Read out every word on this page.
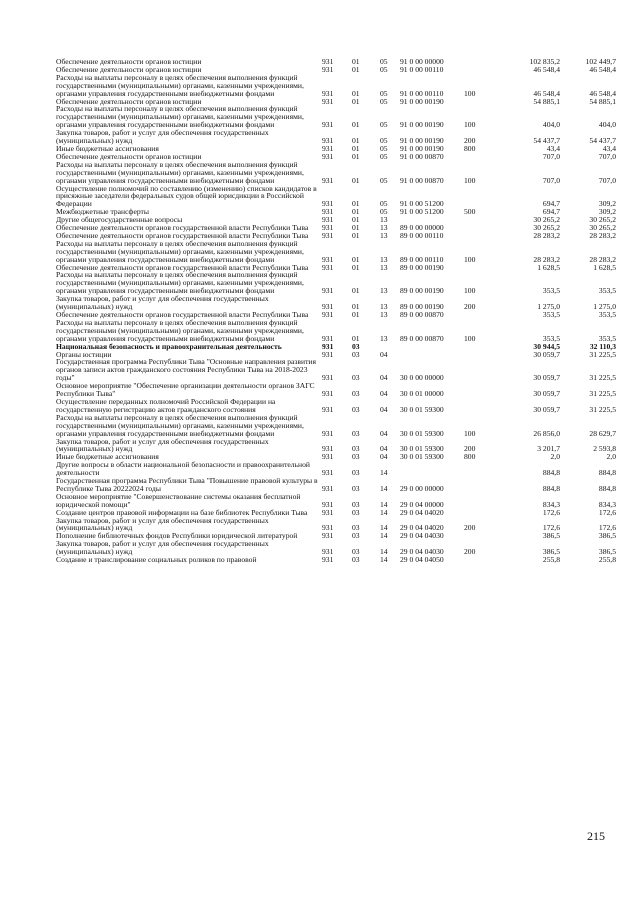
Обеспечение деятельности органов юстиции	931	01	05	91 0 00 00000		102 835,2	102 449,7
Обеспечение деятельности органов юстиции	931	01	05	91 0 00 00110		46 548,4	46 548,4
Расходы на выплаты персоналу в целях обеспечения выполнения функций государственными (муниципальными) органами, казенными учреждениями, органами управления государственными внебюджетными фондами	931	01	05	91 0 00 00110	100	46 548,4	46 548,4
Обеспечение деятельности органов юстиции	931	01	05	91 0 00 00190		54 885,1	54 885,1
Расходы на выплаты персоналу в целях обеспечения выполнения функций государственными (муниципальными) органами, казенными учреждениями, органами управления государственными внебюджетными фондами	931	01	05	91 0 00 00190	100	404,0	404,0
Закупка товаров, работ и услуг для обеспечения государственных (муниципальных) нужд	931	01	05	91 0 00 00190	200	54 437,7	54 437,7
Иные бюджетные ассигнования	931	01	05	91 0 00 00190	800	43,4	43,4
Обеспечение деятельности органов юстиции	931	01	05	91 0 00 00870		707,0	707,0
Расходы на выплаты персоналу в целях обеспечения выполнения функций государственными (муниципальными) органами, казенными учреждениями, органами управления государственными внебюджетными фондами	931	01	05	91 0 00 00870	100	707,0	707,0
Осуществление полномочий по составлению (изменению) списков кандидатов в присяжные заседатели федеральных судов общей юрисдикции в Российской Федерации	931	01	05	91 0 00 51200		694,7	309,2
Межбюджетные трансферты	931	01	05	91 0 00 51200	500	694,7	309,2
Другие общегосударственные вопросы	931	01	13			30 265,2	30 265,2
Обеспечение деятельности органов государственной власти Республики Тыва	931	01	13	89 0 00 00000		30 265,2	30 265,2
Обеспечение деятельности органов государственной власти Республики Тыва	931	01	13	89 0 00 00110		28 283,2	28 283,2
Расходы на выплаты персоналу в целях обеспечения выполнения функций государственными (муниципальными) органами, казенными учреждениями, органами управления государственными внебюджетными фондами	931	01	13	89 0 00 00110	100	28 283,2	28 283,2
Обеспечение деятельности органов государственной власти Республики Тыва	931	01	13	89 0 00 00190		1 628,5	1 628,5
Расходы на выплаты персоналу в целях обеспечения выполнения функций государственными (муниципальными) органами, казенными учреждениями, органами управления государственными внебюджетными фондами	931	01	13	89 0 00 00190	100	353,5	353,5
Закупка товаров, работ и услуг для обеспечения государственных (муниципальных) нужд	931	01	13	89 0 00 00190	200	1 275,0	1 275,0
Обеспечение деятельности органов государственной власти Республики Тыва	931	01	13	89 0 00 00870		353,5	353,5
Расходы на выплаты персоналу в целях обеспечения выполнения функций государственными (муниципальными) органами, казенными учреждениями, органами управления государственными внебюджетными фондами	931	01	13	89 0 00 00870	100	353,5	353,5
Национальная безопасность и правоохранительная деятельность	931	03				30 944,5	32 110,3
Органы юстиции	931	03	04			30 059,7	31 225,5
Государственная программа Республики Тыва "Основные направления развития органов записи актов гражданского состояния Республики Тыва на 2018-2023 годы"	931	03	04	30 0 00 00000		30 059,7	31 225,5
Основное мероприятие "Обеспечение организации деятельности органов ЗАГС Республики Тыва"	931	03	04	30 0 01 00000		30 059,7	31 225,5
Осуществление переданных полномочий Российской Федерации на государственную регистрацию актов гражданского состояния	931	03	04	30 0 01 59300		30 059,7	31 225,5
Расходы на выплаты персоналу в целях обеспечения выполнения функций государственными (муниципальными) органами, казенными учреждениями, органами управления государственными внебюджетными фондами	931	03	04	30 0 01 59300	100	26 856,0	28 629,7
Закупка товаров, работ и услуг для обеспечения государственных (муниципальных) нужд	931	03	04	30 0 01 59300	200	3 201,7	2 593,8
Иные бюджетные ассигнования	931	03	04	30 0 01 59300	800	2,0	2,0
Другие вопросы в области национальной безопасности и правоохранительной деятельности	931	03	14			884,8	884,8
Государственная программа Республики Тыва "Повышение правовой культуры в Республике Тыва 20222024 годы	931	03	14	29 0 00 00000		884,8	884,8
Основное мероприятие "Совершенствование системы оказания бесплатной юридической помощи"	931	03	14	29 0 04 00000		834,3	834,3
Создание центров правовой информации на базе библиотек Республики Тыва	931	03	14	29 0 04 04020		172,6	172,6
Закупка товаров, работ и услуг для обеспечения государственных (муниципальных) нужд	931	03	14	29 0 04 04020	200	172,6	172,6
Пополнение библиотечных фондов Республики юридической литературой	931	03	14	29 0 04 04030		386,5	386,5
Закупка товаров, работ и услуг для обеспечения государственных (муниципальных) нужд	931	03	14	29 0 04 04030	200	386,5	386,5
Создание и транслирование социальных роликов по правовой	931	03	14	29 0 04 04050		255,8	255,8
215
